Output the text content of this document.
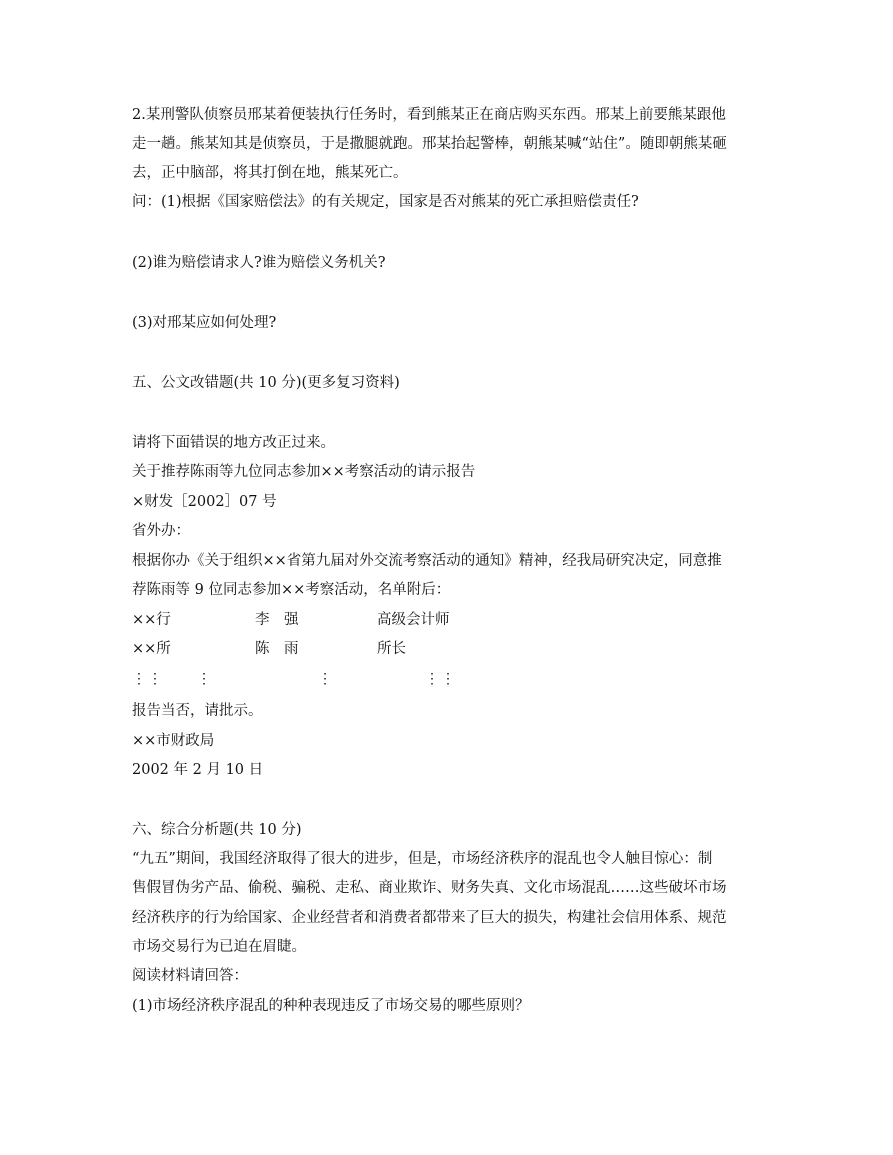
2.某刑警队侦察员邢某着便装执行任务时，看到熊某正在商店购买东西。邢某上前要熊某跟他

走一趟。熊某知其是侦察员，于是撒腿就跑。邢某抬起警棒，朝熊某喊“站住”。随即朝熊某砸

去，正中脑部，将其打倒在地，熊某死亡。

问：(1)根据《国家赔偿法》的有关规定，国家是否对熊某的死亡承担赔偿责任?

(2)谁为赔偿请求人?谁为赔偿义务机关?

(3)对邢某应如何处理?

五、公文改错题(共 10 分)(更多复习资料)

请将下面错误的地方改正过来。

关于推荐陈雨等九位同志参加××考察活动的请示报告

×财发［2002］07 号

省外办：

根据你办《关于组织××省第九届对外交流考察活动的通知》精神，经我局研究决定，同意推

荐陈雨等 9 位同志参加××考察活动，名单附后：

××行	李　强	高级会计师
××所	陈　雨	所长
⋮⋮ ⋮	⋮	⋮⋮

报告当否，请批示。

××市财政局

2002 年 2 月 10 日

六、综合分析题(共 10 分)

“九五”期间，我国经济取得了很大的进步，但是，市场经济秩序的混乱也令人触目惊心：制

售假冒伪劣产品、偷税、骗税、走私、商业欺诈、财务失真、文化市场混乱……这些破坏市场

经济秩序的行为给国家、企业经营者和消费者都带来了巨大的损失，构建社会信用体系、规范

市场交易行为已迫在眉睫。

阅读材料请回答：

(1)市场经济秩序混乱的种种表现违反了市场交易的哪些原则？
